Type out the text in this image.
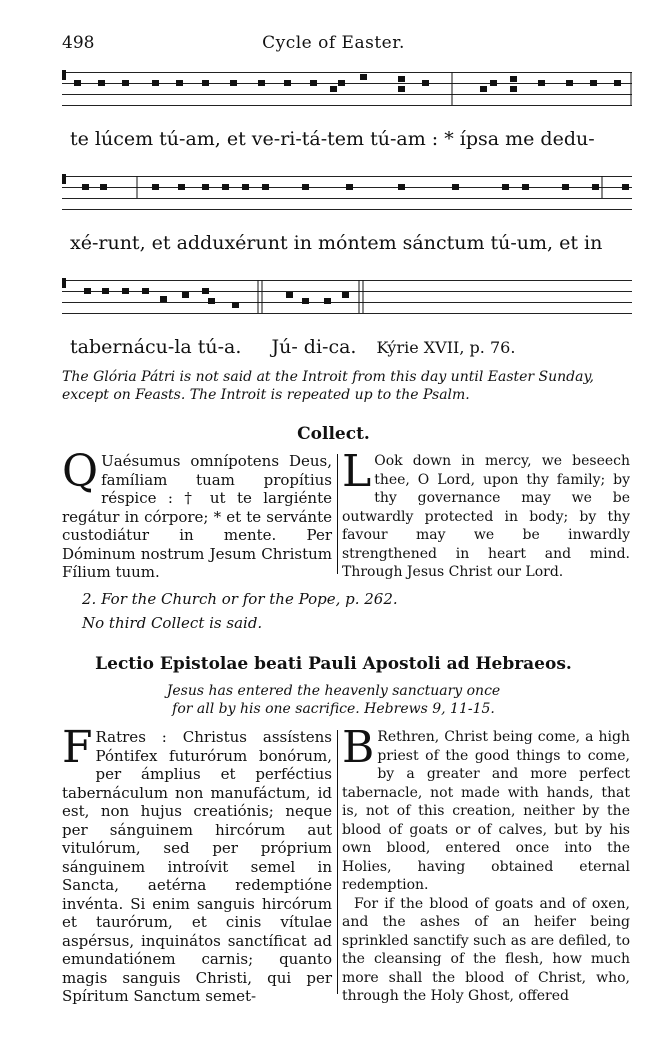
498	Cycle of Easter.
te lúcem tú-am, et ve-ri-tá-tem tú-am : * ípsa me dedu-
xé-runt, et adduxérunt in móntem sánctum tú-um, et in
tabernácu-la tú-a. Jú- di-ca. Kýrie XVII, p. 76.
The Glória Pátri is not said at the Introit from this day until Easter Sunday, except on Feasts. The Introit is repeated up to the Psalm.
Collect.
Q Uaésumus omnípotens Deus, famíliam tuam propítius réspice : † ut te largiénte regátur in córpore; * et te servánte custodiátur in mente. Per Dóminum nostrum Jesum Christum Fílium tuum.
L Ook down in mercy, we beseech thee, O Lord, upon thy family; by thy governance may we be outwardly protected in body; by thy favour may we be inwardly strengthened in heart and mind. Through Jesus Christ our Lord.
2. For the Church or for the Pope, p. 262.
No third Collect is said.
Lectio Epistolae beati Pauli Apostoli ad Hebraeos.
Jesus has entered the heavenly sanctuary once
for all by his one sacrifice. Hebrews 9, 11-15.
F Ratres : Christus assístens Póntifex futurórum bonórum, per ámplius et perféctius tabernáculum non manufáctum, id est, non hujus creatiónis; neque per sánguinem hircórum aut vitulórum, sed per próprium sánguinem introívit semel in Sancta, aetérna redemptióne invénta. Si enim sanguis hircórum et taurórum, et cinis vítulae aspérsus, inquinátos sanctíficat ad emundatiónem carnis; quanto magis sanguis Christi, qui per Spíritum Sanctum semet-
B Rethren, Christ being come, a high priest of the good things to come, by a greater and more perfect tabernacle, not made with hands, that is, not of this creation, neither by the blood of goats or of calves, but by his own blood, entered once into the Holies, having obtained eternal redemption.
For if the blood of goats and of oxen, and the ashes of an heifer being sprinkled sanctify such as are defiled, to the cleansing of the flesh, how much more shall the blood of Christ, who, through the Holy Ghost, offered
